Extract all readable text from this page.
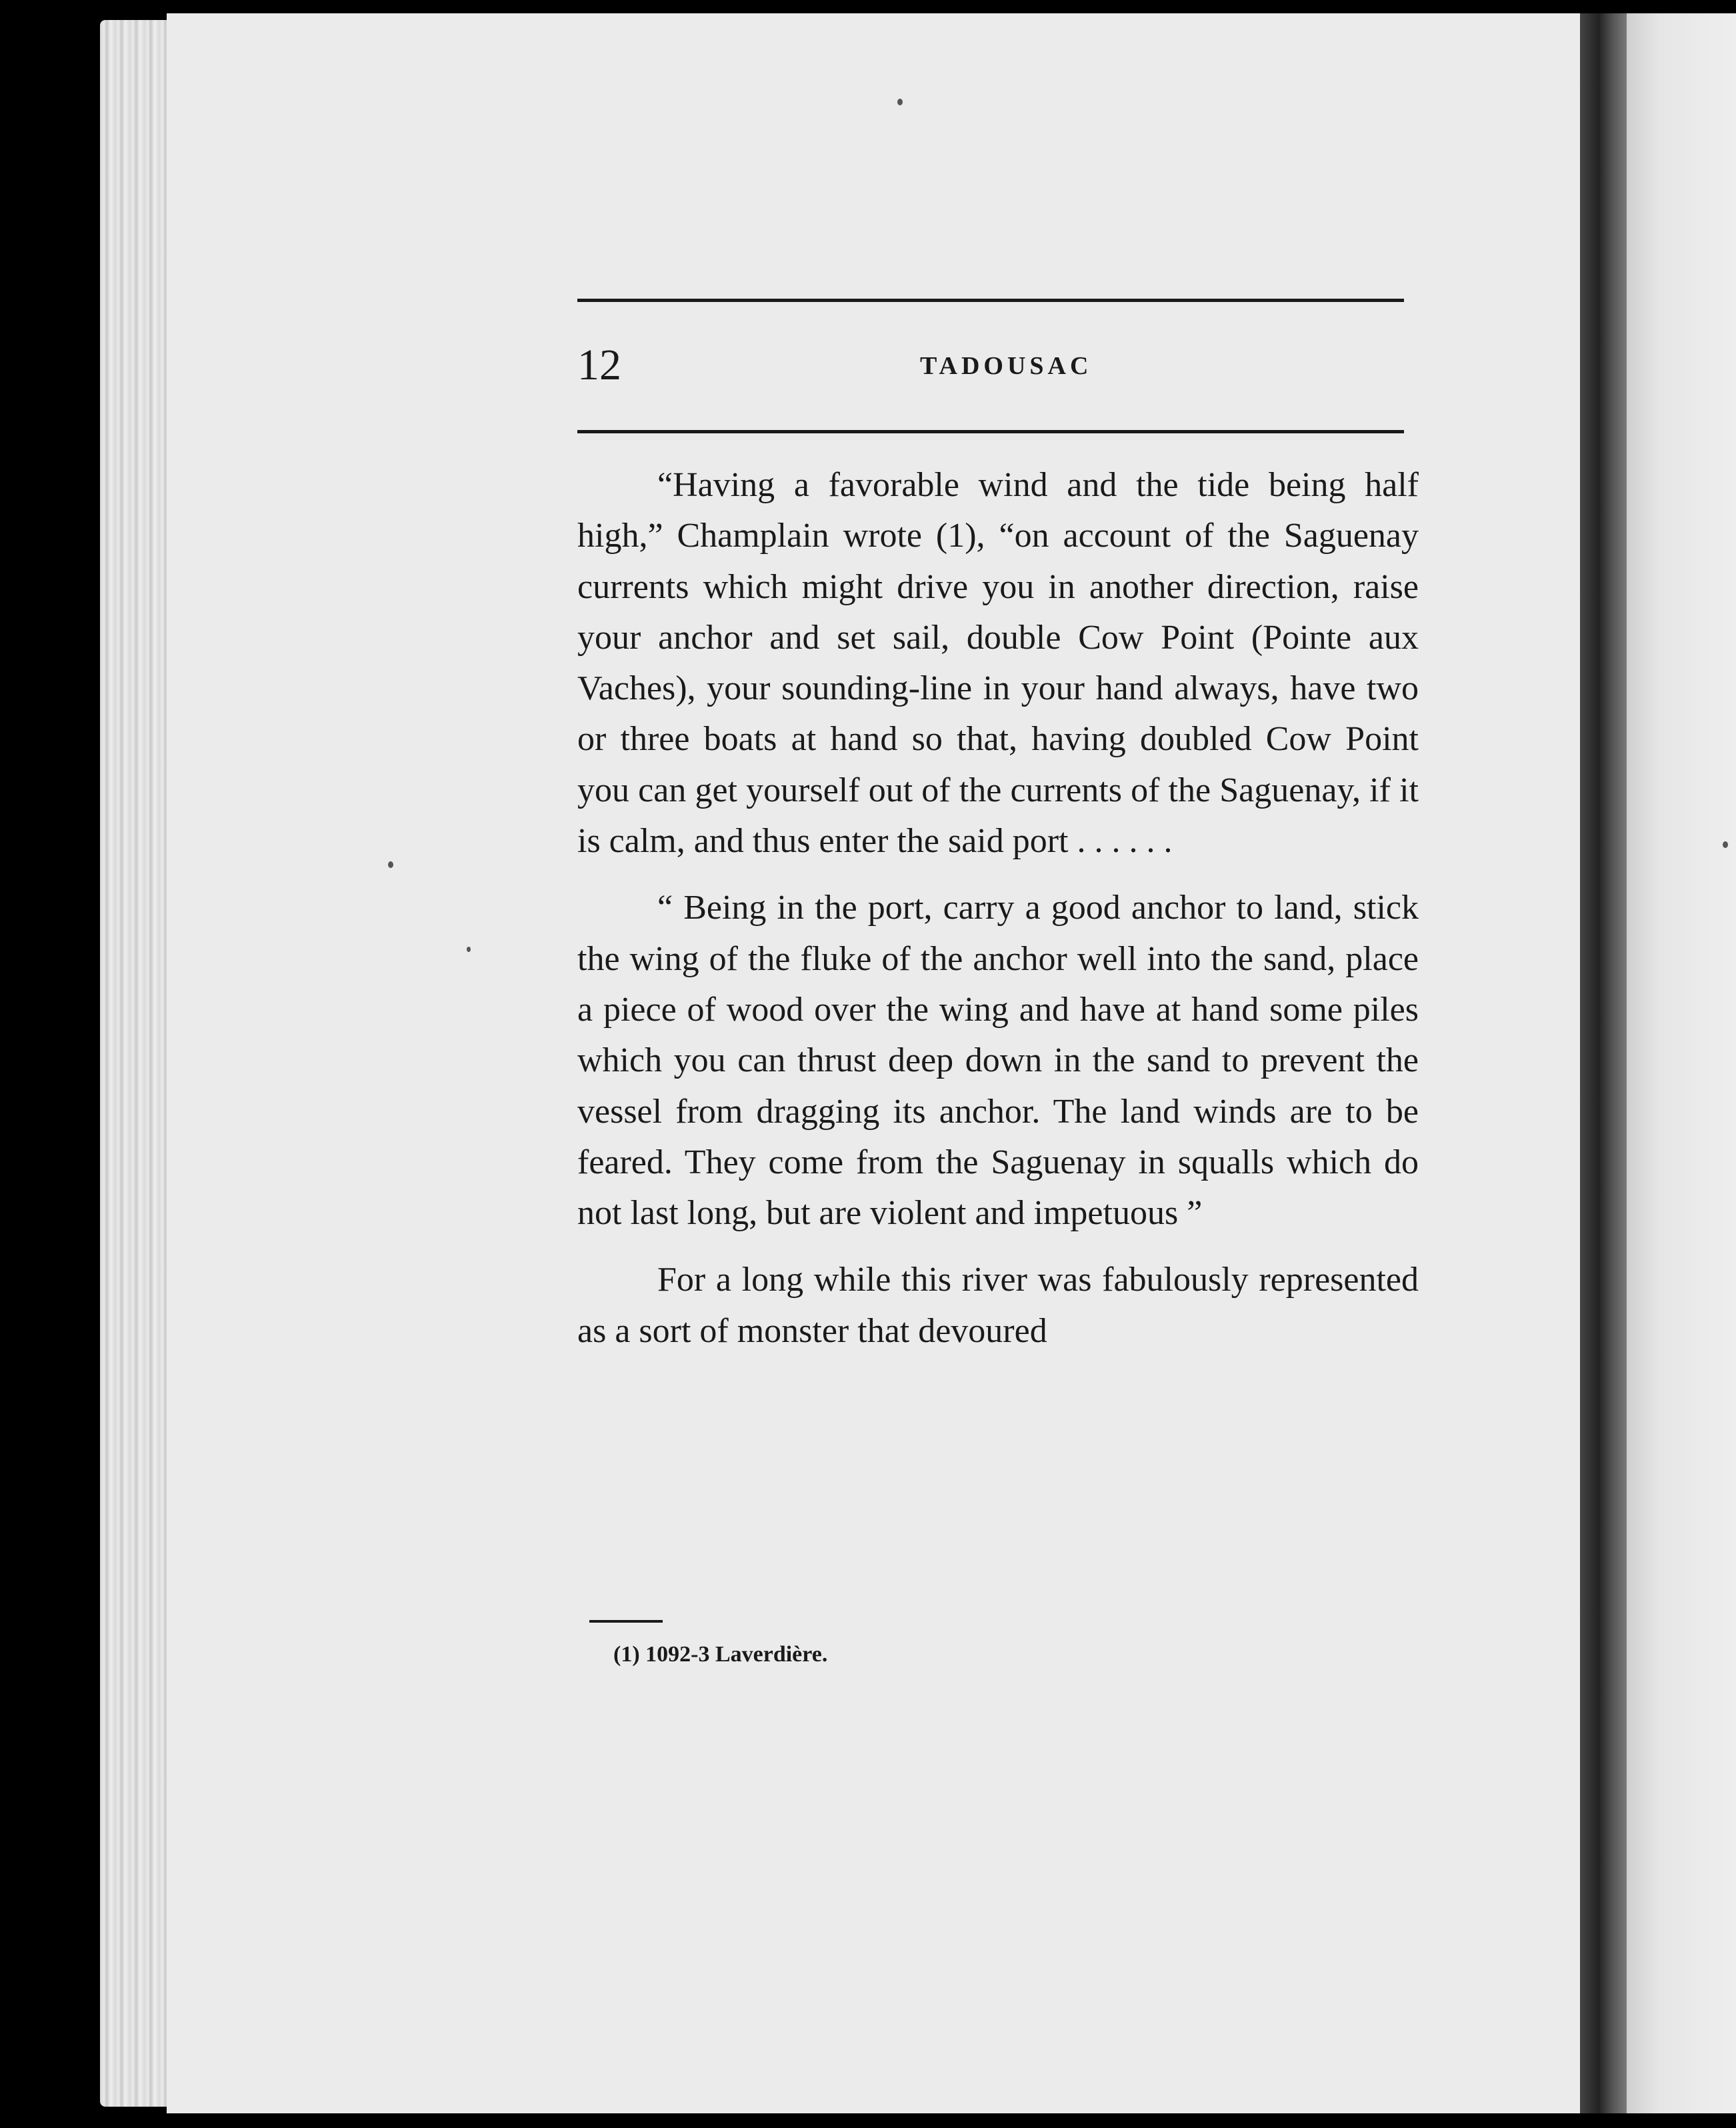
12	TADOUSAC

“Having a favorable wind and the tide being half high,” Champlain wrote (1), “on account of the Saguenay currents which might drive you in another direction, raise your anchor and set sail, double Cow Point (Pointe aux Vaches), your sounding-line in your hand always, have two or three boats at hand so that, having doubled Cow Point you can get yourself out of the currents of the Saguenay, if it is calm, and thus enter the said port . . . . . .

“ Being in the port, carry a good anchor to land, stick the wing of the fluke of the anchor well into the sand, place a piece of wood over the wing and have at hand some piles which you can thrust deep down in the sand to prevent the vessel from dragging its anchor. The land winds are to be feared. They come from the Saguenay in squalls which do not last long, but are violent and impetuous ”

For a long while this river was fabulously represented as a sort of monster that devoured

(1) 1092-3 Laverdière.
